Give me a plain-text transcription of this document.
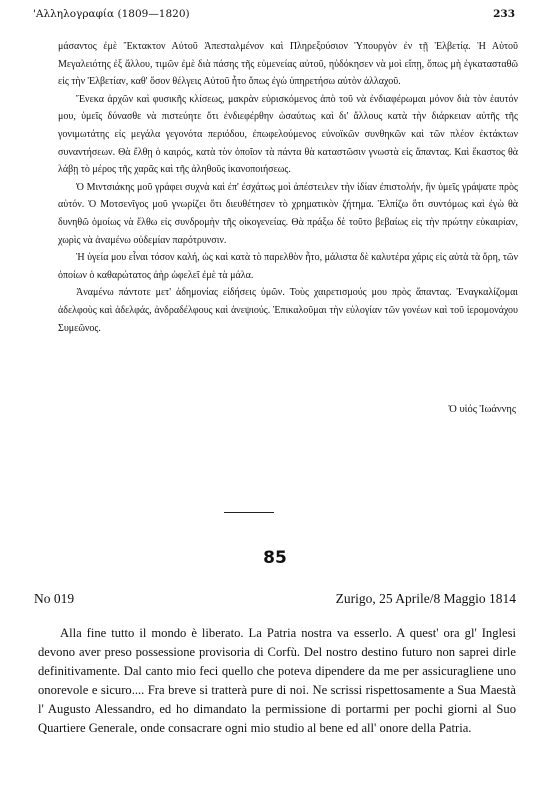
'Αλληλογραφία (1809—1820)	233

μάσαντος ἐμὲ Ἔκτακτον Αὐτοῦ Ἀπεσταλμένον καὶ Πληρεξούσιον Ὑπουργὸν ἐν τῇ Ἑλβετίᾳ. Ἡ Αὐτοῦ Μεγαλειότης ἐξ ἄλλου, τιμῶν ἐμὲ διὰ πάσης τῆς εὐμενείας αὐτοῦ, ηὐδόκησεν νὰ μοὶ εἴπῃ, ὅπως μὴ ἐγκατασταθῶ εἰς τὴν Ἑλβετίαν, καθ' ὅσον θέλγεις Αὐτοῦ ἦτο ὅπως ἐγὼ ὑπηρετήσω αὐτὸν ἀλλαχοῦ.

Ἕνεκα ἀρχῶν καὶ φυσικῆς κλίσεως, μακρὰν εὑρισκόμενος ἀπὸ τοῦ νὰ ἐνδιαφέρωμαι μόνον διὰ τὸν ἑαυτόν μου, ὑμεῖς δύνασθε νὰ πιστεύητε ὅτι ἐνδιεφέρθην ὡσαύτως καὶ δι' ἄλλους κατὰ τὴν διάρκειαν αὐτῆς τῆς γονιμωτάτης εἰς μεγάλα γεγονότα περιόδου, ἐπωφελούμενος εὐνοϊκῶν συνθηκῶν καὶ τῶν πλέον ἐκτάκτων συναντήσεων. Θὰ ἔλθῃ ὁ καιρός, κατὰ τὸν ὁποῖον τὰ πάντα θὰ καταστῶσιν γνωστὰ εἰς ἅπαντας. Καὶ ἕκαστος θὰ λάβῃ τὸ μέρος τῆς χαρᾶς καὶ τῆς ἀληθοῦς ἱκανοποιήσεως.

Ὁ Μιντσιάκης μοῦ γράφει συχνὰ καὶ ἐπ' ἐσχάτως μοὶ ἀπέστειλεν τὴν ἰδίαν ἐπιστολήν, ἣν ὑμεῖς γράψατε πρὸς αὐτόν. Ὁ Μοτσενῖγος μοῦ γνωρίζει ὅτι διευθέτησεν τὸ χρηματικὸν ζήτημα. Ἐλπίζω ὅτι συντόμως καὶ ἐγὼ θὰ δυνηθῶ ὁμοίως νὰ ἔλθω εἰς συνδρομὴν τῆς οἰκογενείας. Θὰ πράξω δὲ τοῦτο βεβαίως εἰς τὴν πρώτην εὐκαιρίαν, χωρὶς νὰ ἀναμένω οὐδεμίαν παρότρυνσιν.

Ἡ ὑγεία μου εἶναι τόσον καλή, ὡς καὶ κατὰ τὸ παρελθὸν ἦτο, μάλιστα δὲ καλυτέρα χάρις εἰς αὐτὰ τὰ ὄρη, τῶν ὁποίων ὁ καθαρώτατος ἀὴρ ὠφελεῖ ἐμὲ τὰ μάλα.

Ἀναμένω πάντοτε μετ' ἀδημονίας εἰδήσεις ὑμῶν. Τοὺς χαιρετισμούς μου πρὸς ἅπαντας. Ἐναγκαλίζομαι ἀδελφοὺς καὶ ἀδελφάς, ἀνδραδέλφους καὶ ἀνεψιούς. Ἐπικαλοῦμαι τὴν εὐλογίαν τῶν γονέων καὶ τοῦ ἱερομονάχου Συμεῶνος.

Ὁ υἱός Ἰωάννης
85
No 019	Zurigo, 25 Aprile/8 Maggio 1814

Alla fine tutto il mondo è liberato. La Patria nostra va esserlo. A quest' ora gl' Inglesi devono aver preso possessione provisoria di Corfù. Del nostro destino futuro non saprei dirle definitivamente. Dal canto mio feci quello che poteva dipendere da me per assicuragliene uno onorevole e sicuro.... Fra breve si tratterà pure di noi. Ne scrissi rispettosamente a Sua Maestà l' Augusto Alessandro, ed ho dimandato la permissione di portarmi per pochi giorni al Suo Quartiere Generale, onde consacrare ogni mio studio al bene ed all' onore della Patria.
